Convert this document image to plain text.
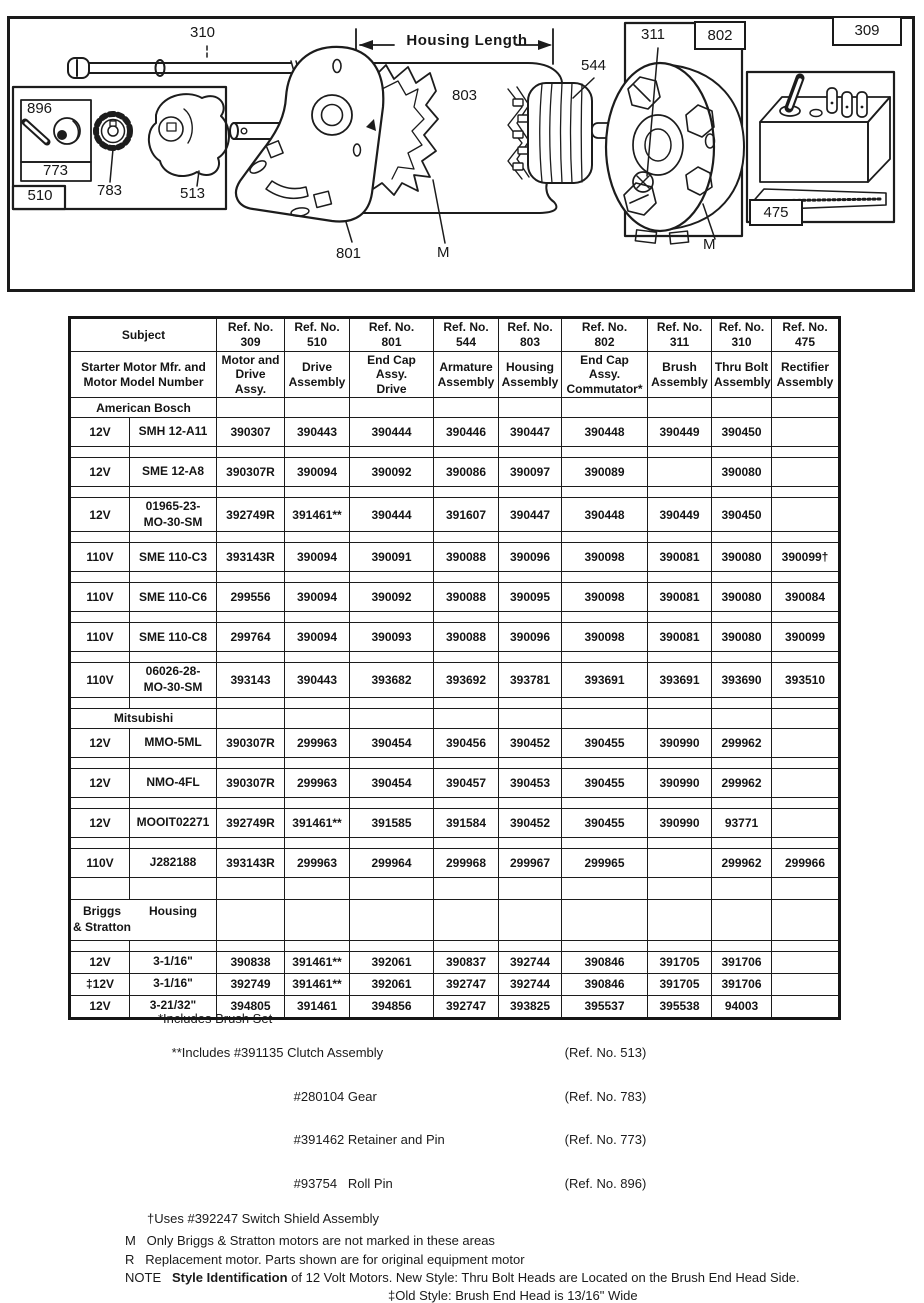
310	Housing Length
544
803
896
773
783	513
510
801	M
311	802	309
475
M
Subject	
Ref. No.
309

Ref. No.
510

Ref. No.
801

Ref. No.
544

Ref. No.
803

Ref. No.
802

Ref. No.
311

Ref. No.
310

Ref. No.
475

Starter Motor Mfr. and
Motor Model Number		Motor and
Drive Assy.	Drive
Assembly	End Cap Assy.
Drive	Armature
Assembly	Housing
Assembly	End Cap Assy.
Commutator*	Brush
Assembly	Thru Bolt
Assembly	Rectifier
Assembly
American Bosch										
12V	SMH 12-A11	390307	390443	390444	390446	390447	390448	390449	390450	

12V	SME 12-A8	390307R	390094	390092	390086	390097	390089		390080	

12V	01965-23-
MO-30-SM	392749R	391461**	390444	391607	390447	390448	390449	390450	

110V	SME 110-C3	393143R	390094	390091	390088	390096	390098	390081	390080	390099†

110V	SME 110-C6	299556	390094	390092	390088	390095	390098	390081	390080	390084

110V	SME 110-C8	299764	390094	390093	390088	390096	390098	390081	390080	390099

110V	06026-28-
MO-30-SM	393143	390443	393682	393692	393781	393691	393691	393690	393510

Mitsubishi										
12V	MMO-5ML	390307R	299963	390454	390456	390452	390455	390990	299962	

12V	NMO-4FL	390307R	299963	390454	390457	390453	390455	390990	299962	

12V	MOOIT02271	392749R	391461**	391585	391584	390452	390455	390990	93771	

110V	J282188	393143R	299963	299964	299968	299967	299965		299962	299966

Briggs
& Stratton
Housing										

12V	3-1/16"	390838	391461**	392061	390837	392744	390846	391705	391706	
‡12V	3-1/16"	392749	391461**	392061	392747	392744	390846	391705	391706	
12V	3-21/32"	394805	391461	394856	392747	393825	395537	395538	94003	
*Includes Brush Set

**Includes #391135 Clutch Assembly	(Ref. No. 513)

#280104 Gear	(Ref. No. 783)

#391462 Retainer and Pin	(Ref. No. 773)

#93754   Roll Pin	(Ref. No. 896)

†Uses #392247 Switch Shield Assembly
M   Only Briggs & Stratton motors are not marked in these areas
R   Replacement motor. Parts shown are for original equipment motor
NOTE   Style Identification of 12 Volt Motors. New Style: Thru Bolt Heads are Located on the Brush End Head Side.
‡Old Style: Brush End Head is 13/16" Wide
